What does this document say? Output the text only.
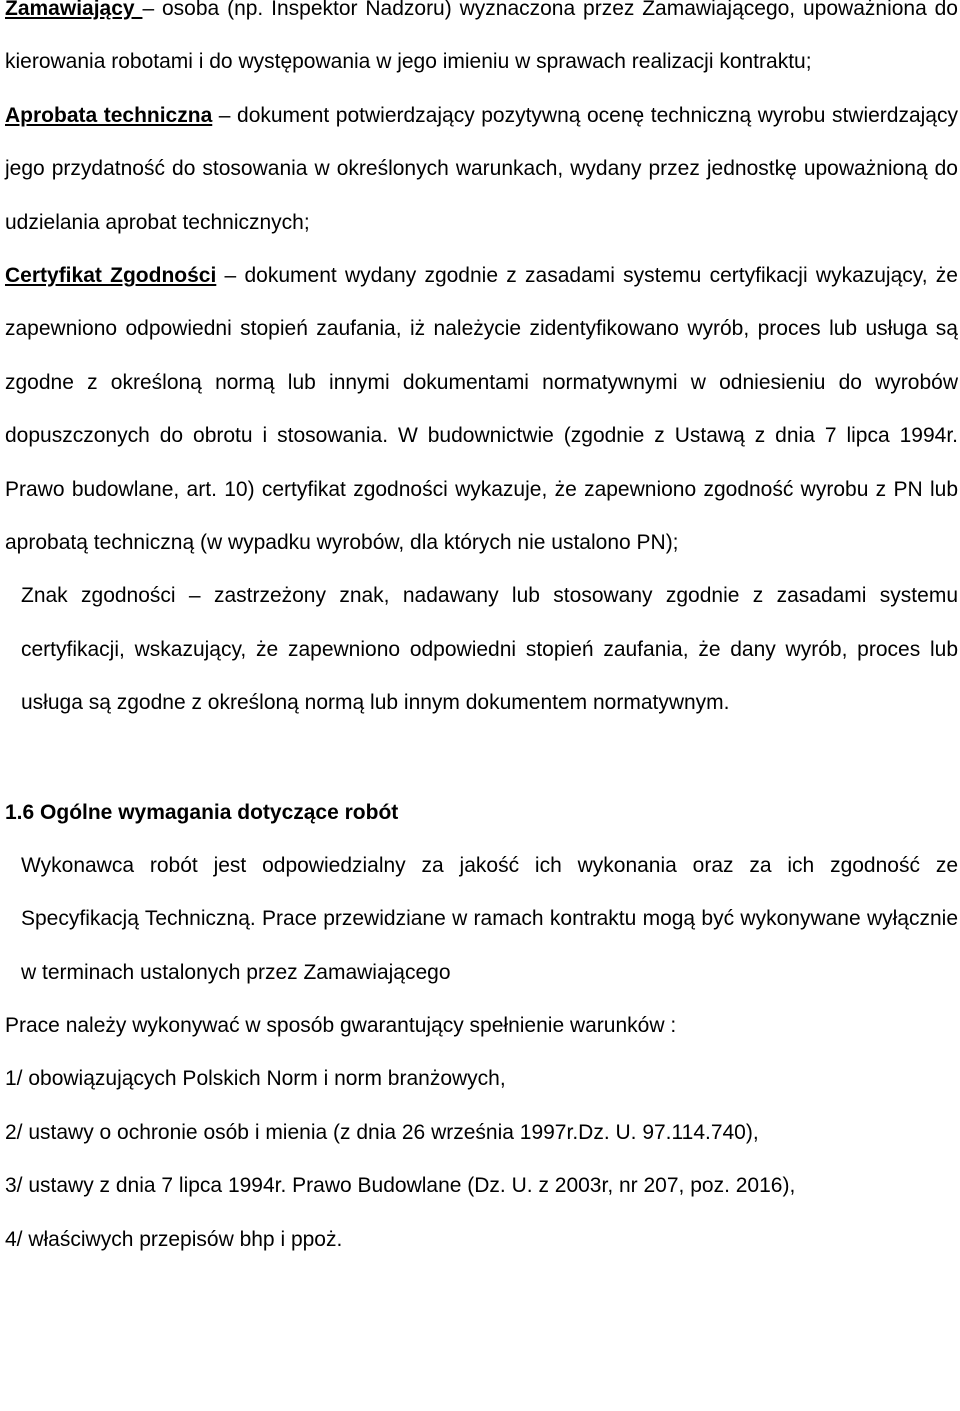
Zamawiający – osoba (np. Inspektor Nadzoru) wyznaczona przez Zamawiającego, upoważniona do kierowania robotami i do występowania w jego imieniu w sprawach realizacji kontraktu;

Aprobata techniczna – dokument potwierdzający pozytywną ocenę techniczną wyrobu stwierdzający jego przydatność do stosowania w określonych warunkach, wydany przez jednostkę upoważnioną do udzielania aprobat technicznych;

Certyfikat Zgodności – dokument wydany zgodnie z zasadami systemu certyfikacji wykazujący, że zapewniono odpowiedni stopień zaufania, iż należycie zidentyfikowano wyrób, proces lub usługa są zgodne z określoną normą lub innymi dokumentami normatywnymi w odniesieniu do wyrobów dopuszczonych do obrotu i stosowania. W budownictwie (zgodnie z Ustawą z dnia 7 lipca 1994r. Prawo budowlane, art. 10) certyfikat zgodności wykazuje, że zapewniono zgodność wyrobu z PN lub aprobatą techniczną (w wypadku wyrobów, dla których nie ustalono PN);

Znak zgodności – zastrzeżony znak, nadawany lub stosowany zgodnie z zasadami systemu certyfikacji, wskazujący, że zapewniono odpowiedni stopień zaufania, że dany wyrób, proces lub usługa są zgodne z określoną normą lub innym dokumentem normatywnym.

1.6 Ogólne wymagania dotyczące robót

Wykonawca robót jest odpowiedzialny za jakość ich wykonania oraz za ich zgodność ze Specyfikacją Techniczną. Prace przewidziane w ramach kontraktu mogą być wykonywane wyłącznie w terminach ustalonych przez Zamawiającego

Prace należy wykonywać w sposób gwarantujący spełnienie warunków :

1/ obowiązujących Polskich Norm i norm branżowych,

2/ ustawy o ochronie osób i mienia (z dnia 26 września 1997r.Dz. U. 97.114.740),

3/ ustawy z dnia 7 lipca 1994r. Prawo Budowlane (Dz. U. z 2003r, nr 207, poz. 2016),

4/ właściwych przepisów bhp i ppoż.
